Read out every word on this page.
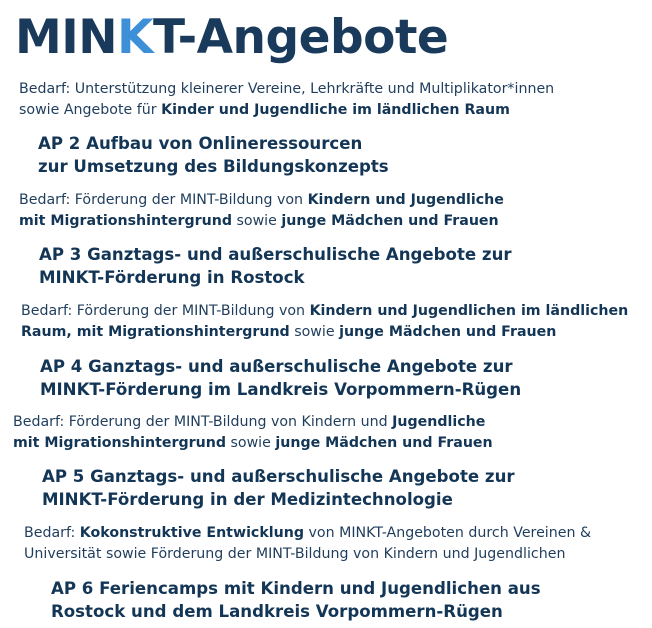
MINKT-Angebote

Bedarf: Unterstützung kleinerer Vereine, Lehrkräfte und Multiplikator*innen
sowie Angebote für Kinder und Jugendliche im ländlichen Raum

AP 2 Aufbau von Onlineressourcen
zur Umsetzung des Bildungskonzepts

Bedarf: Förderung der MINT-Bildung von Kindern und Jugendliche
mit Migrationshintergrund sowie junge Mädchen und Frauen

AP 3 Ganztags- und außerschulische Angebote zur
MINKT-Förderung in Rostock

Bedarf: Förderung der MINT-Bildung von Kindern und Jugendlichen im ländlichen
Raum, mit Migrationshintergrund sowie junge Mädchen und Frauen

AP 4 Ganztags- und außerschulische Angebote zur
MINKT-Förderung im Landkreis Vorpommern-Rügen

Bedarf: Förderung der MINT-Bildung von Kindern und Jugendliche
mit Migrationshintergrund sowie junge Mädchen und Frauen

AP 5 Ganztags- und außerschulische Angebote zur
MINKT-Förderung in der Medizintechnologie

Bedarf: Kokonstruktive Entwicklung von MINKT-Angeboten durch Vereinen &
Universität sowie Förderung der MINT-Bildung von Kindern und Jugendlichen

AP 6 Feriencamps mit Kindern und Jugendlichen aus
Rostock und dem Landkreis Vorpommern-Rügen
